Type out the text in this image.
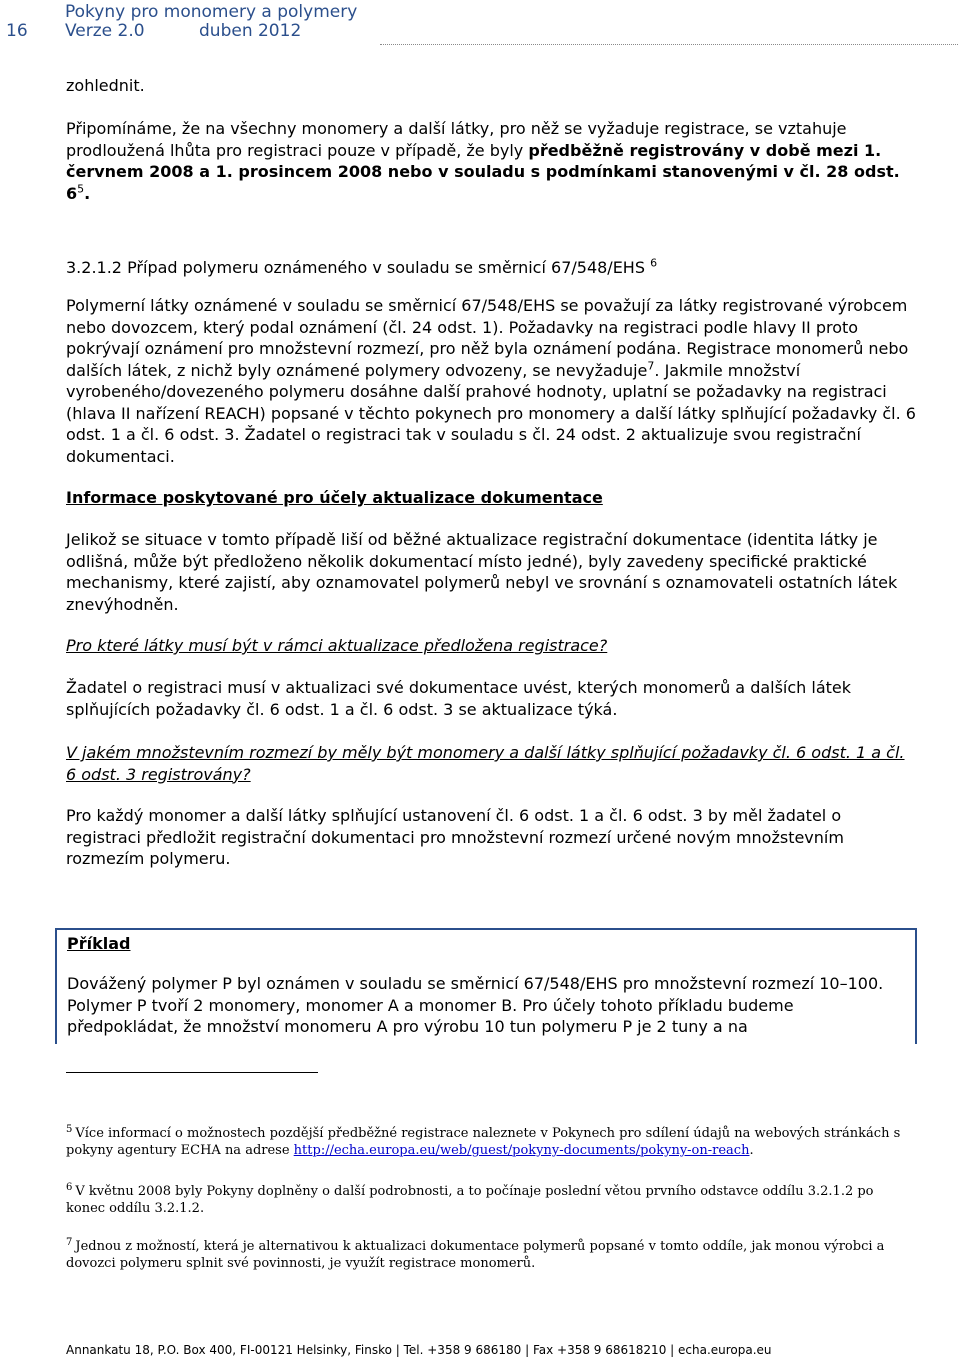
16
Pokyny pro monomery a polymery
Verze 2.0	duben 2012
zohlednit.
Připomínáme, že na všechny monomery a další látky, pro něž se vyžaduje registrace, se vztahuje prodloužená lhůta pro registraci pouze v případě, že byly předběžně registrovány v době mezi 1. červnem 2008 a 1. prosincem 2008 nebo v souladu s podmínkami stanovenými v čl. 28 odst. $6^5$.
3.2.1.2 Případ polymeru oznámeného v souladu se směrnicí 67/548/EHS $^6$
Polymerní látky oznámené v souladu se směrnicí 67/548/EHS se považují za látky registrované výrobcem nebo dovozcem, který podal oznámení (čl. 24 odst. 1). Požadavky na registraci podle hlavy II proto pokrývají oznámení pro množstevní rozmezí, pro něž byla oznámení podána. Registrace monomerů nebo dalších látek, z nichž byly oznámené polymery odvozeny, se nevyžaduje$^7$. Jakmile množství vyrobeného/dovezeného polymeru dosáhne další prahové hodnoty, uplatní se požadavky na registraci (hlava II nařízení REACH) popsané v těchto pokynech pro monomery a další látky splňující požadavky čl. 6 odst. 1 a čl. 6 odst. 3. Žadatel o registraci tak v souladu s čl. 24 odst. 2 aktualizuje svou registrační dokumentaci.
Informace poskytované pro účely aktualizace dokumentace
Jelikož se situace v tomto případě liší od běžné aktualizace registrační dokumentace (identita látky je odlišná, může být předloženo několik dokumentací místo jedné), byly zavedeny specifické praktické mechanismy, které zajistí, aby oznamovatel polymerů nebyl ve srovnání s oznamovateli ostatních látek znevýhodněn.
Pro které látky musí být v rámci aktualizace předložena registrace?
Žadatel o registraci musí v aktualizaci své dokumentace uvést, kterých monomerů a dalších látek splňujících požadavky čl. 6 odst. 1 a čl. 6 odst. 3 se aktualizace týká.
V jakém množstevním rozmezí by měly být monomery a další látky splňující požadavky čl. 6 odst. 1 a čl. 6 odst. 3 registrovány?
Pro každý monomer a další látky splňující ustanovení čl. 6 odst. 1 a čl. 6 odst. 3 by měl žadatel o registraci předložit registrační dokumentaci pro množstevní rozmezí určené novým množstevním rozmezím polymeru.
Příklad
Dovážený polymer P byl oznámen v souladu se směrnicí 67/548/EHS pro množstevní rozmezí 10–100. Polymer P tvoří 2 monomery, monomer A a monomer B. Pro účely tohoto příkladu budeme předpokládat, že množství monomeru A pro výrobu 10 tun polymeru P je 2 tuny a na
$^5$ Více informací o možnostech pozdější předběžné registrace naleznete v Pokynech pro sdílení údajů na webových stránkách s pokyny agentury ECHA na adrese http://echa.europa.eu/web/guest/pokyny-documents/pokyny-on-reach.
$^6$ V květnu 2008 byly Pokyny doplněny o další podrobnosti, a to počínaje poslední větou prvního odstavce oddílu 3.2.1.2 po konec oddílu 3.2.1.2.
$^7$ Jednou z možností, která je alternativou k aktualizaci dokumentace polymerů popsané v tomto oddíle, jak monou výrobci a dovozci polymeru splnit své povinnosti, je využít registrace monomerů.
Annankatu 18, P.O. Box 400, FI-00121 Helsinky, Finsko | Tel. +358 9 686180 | Fax +358 9 68618210 | echa.europa.eu
